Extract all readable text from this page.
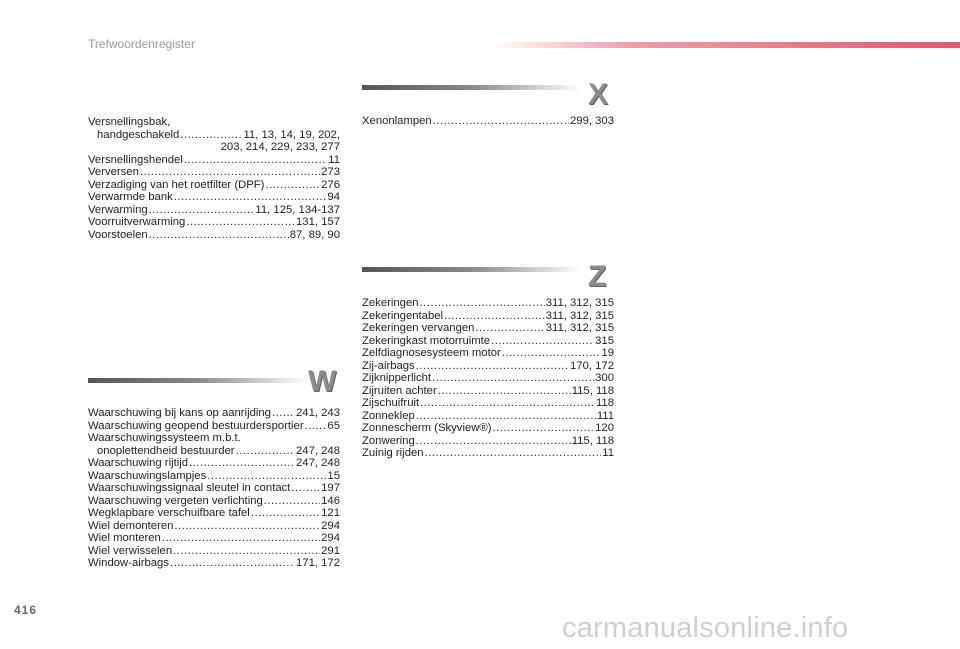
Trefwoordenregister
Versnellingsbak,
handgeschakeld .....	11, 13, 14, 19, 202,
203, 214, 229, 233, 277
Versnellingshendel .....	11
Verversen .....	273
Verzadiging van het roetfilter (DPF) .....	276
Verwarmde bank .....	94
Verwarming .....	11, 125, 134-137
Voorruitverwarming .....	131, 157
Voorstoelen .....	87, 89, 90
W
Waarschuwing bij kans op aanrijding ..... 241, 243
Waarschuwing geopend bestuurdersportier ..... 65
Waarschuwingssysteem m.b.t.
onoplettendheid bestuurder .....	247, 248
Waarschuwing rijtijd .....	247, 248
Waarschuwingslampjes .....	15
Waarschuwingssignaal sleutel in contact .....	197
Waarschuwing vergeten verlichting .....	146
Wegklapbare verschuifbare tafel .....	121
Wiel demonteren .....	294
Wiel monteren .....	294
Wiel verwisselen .....	291
Window-airbags .....	171, 172
X
Xenonlampen .....	299, 303
Z
Zekeringen .....	311, 312, 315
Zekeringentabel .....	311, 312, 315
Zekeringen vervangen .....	311, 312, 315
Zekeringkast motorruimte .....	315
Zelfdiagnosesysteem motor .....	19
Zij-airbags .....	170, 172
Zijknipperlicht .....	300
Zijruiten achter .....	115, 118
Zijschuifruit .....	118
Zonneklep .....	111
Zonnescherm (Skyview®) .....	120
Zonwering .....	115, 118
Zuinig rijden .....	11
416
carmanualsonline.info
